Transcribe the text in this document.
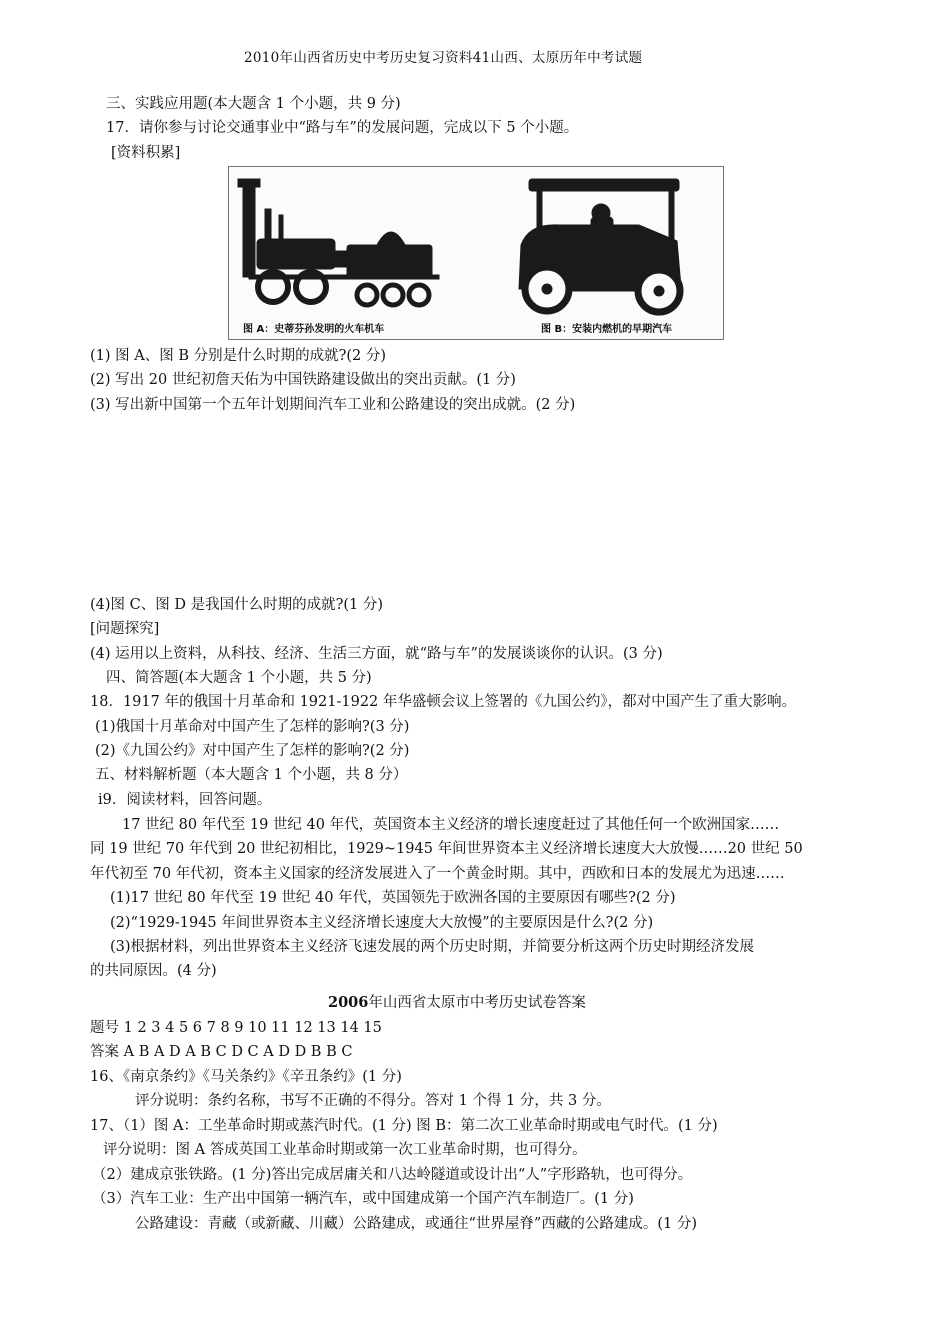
2010年山西省历史中考历史复习资料41山西、太原历年中考试题
三、实践应用题(本大题含 1 个小题，共 9 分)
17．请你参与讨论交通事业中“路与车”的发展问题，完成以下 5 个小题。
[资料积累]
图 A：史蒂芬孙发明的火车机车	图 B：安装内燃机的早期汽车
(1) 图 A、图 B 分别是什么时期的成就?(2 分)
(2) 写出 20 世纪初詹天佑为中国铁路建设做出的突出贡献。(1 分)
(3) 写出新中国第一个五年计划期间汽车工业和公路建设的突出成就。(2 分)
(4)图 C、图 D 是我国什么时期的成就?(1 分)
[问题探究]
(4) 运用以上资料，从科技、经济、生活三方面，就“路与车”的发展谈谈你的认识。(3 分)
四、简答题(本大题含 1 个小题，共 5 分)
18．1917 年的俄国十月革命和 1921-1922 年华盛顿会议上签署的《九国公约》，都对中国产生了重大影响。
(1)俄国十月革命对中国产生了怎样的影响?(3 分)
(2)《九国公约》对中国产生了怎样的影响?(2 分)
五、材料解析题（本大题含 1 个小题，共 8 分）
i9．阅读材料，回答问题。
17 世纪 80 年代至 19 世纪 40 年代，英国资本主义经济的增长速度赶过了其他任何一个欧洲国家……
同 19 世纪 70 年代到 20 世纪初相比，1929~1945 年间世界资本主义经济增长速度大大放慢……20 世纪 50
年代初至 70 年代初，资本主义国家的经济发展进入了一个黄金时期。其中，西欧和日本的发展尤为迅速……
(1)17 世纪 80 年代至 19 世纪 40 年代，英国领先于欧洲各国的主要原因有哪些?(2 分)
(2)“1929-1945 年间世界资本主义经济增长速度大大放慢”的主要原因是什么?(2 分)
(3)根据材料，列出世界资本主义经济飞速发展的两个历史时期，并简要分析这两个历史时期经济发展
的共同原因。(4 分)
2006年山西省太原市中考历史试卷答案
题号 1 2 3 4 5 6 7 8 9 10 11 12 13 14 15
答案 A B A D A B C D C A D D B B C
16、《南京条约》《马关条约》《辛丑条约》(1 分)
评分说明：条约名称，书写不正确的不得分。答对 1 个得 1 分，共 3 分。
17、（1）图 A：工坐革命时期或蒸汽时代。(1 分) 图 B：第二次工业革命时期或电气时代。(1 分)
评分说明：图 A 答成英国工业革命时期或第一次工业革命时期，也可得分。
（2）建成京张铁路。(1 分)答出完成居庸关和八达岭隧道或设计出“人”字形路轨，也可得分。
（3）汽车工业：生产出中国第一辆汽车，或中国建成第一个国产汽车制造厂。(1 分)
公路建设：青藏（或新藏、川藏）公路建成，或通往“世界屋脊”西藏的公路建成。(1 分)
